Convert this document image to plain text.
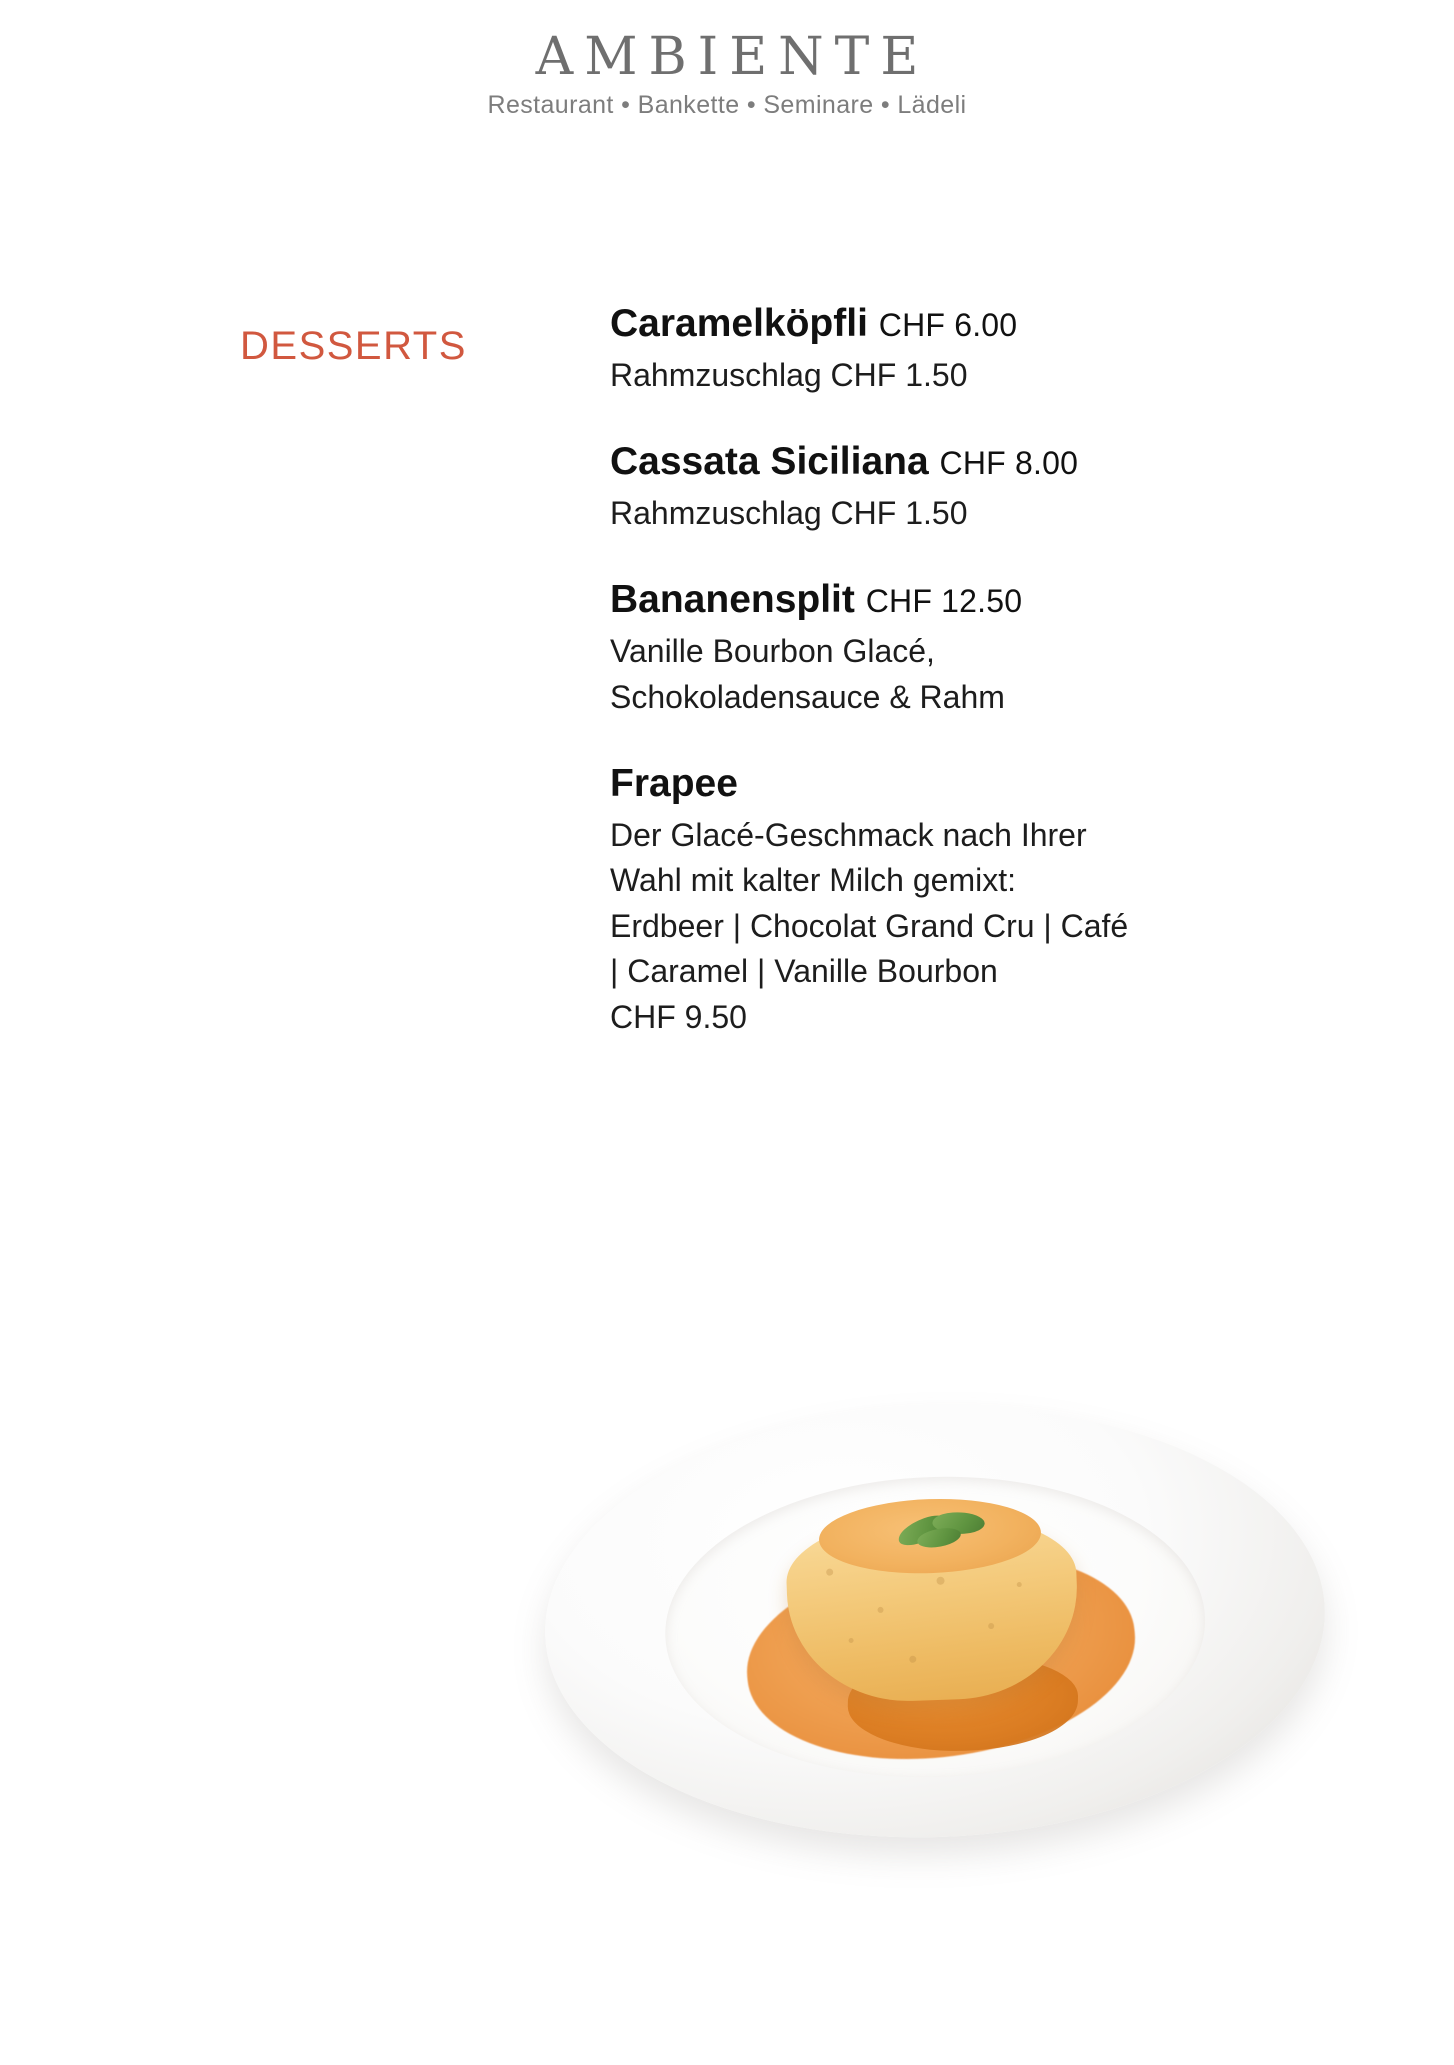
AMBIENTE
Restaurant • Bankette • Seminare • Lädeli
DESSERTS
Caramelköpfli CHF 6.00
Rahmzuschlag CHF 1.50
Cassata Siciliana CHF 8.00
Rahmzuschlag CHF 1.50
Bananensplit CHF 12.50
Vanille Bourbon Glacé,
Schokoladensauce & Rahm
Frapee
Der Glacé-Geschmack nach Ihrer
Wahl mit kalter Milch gemixt:
Erdbeer | Chocolat Grand Cru | Café
| Caramel | Vanille Bourbon
CHF 9.50
